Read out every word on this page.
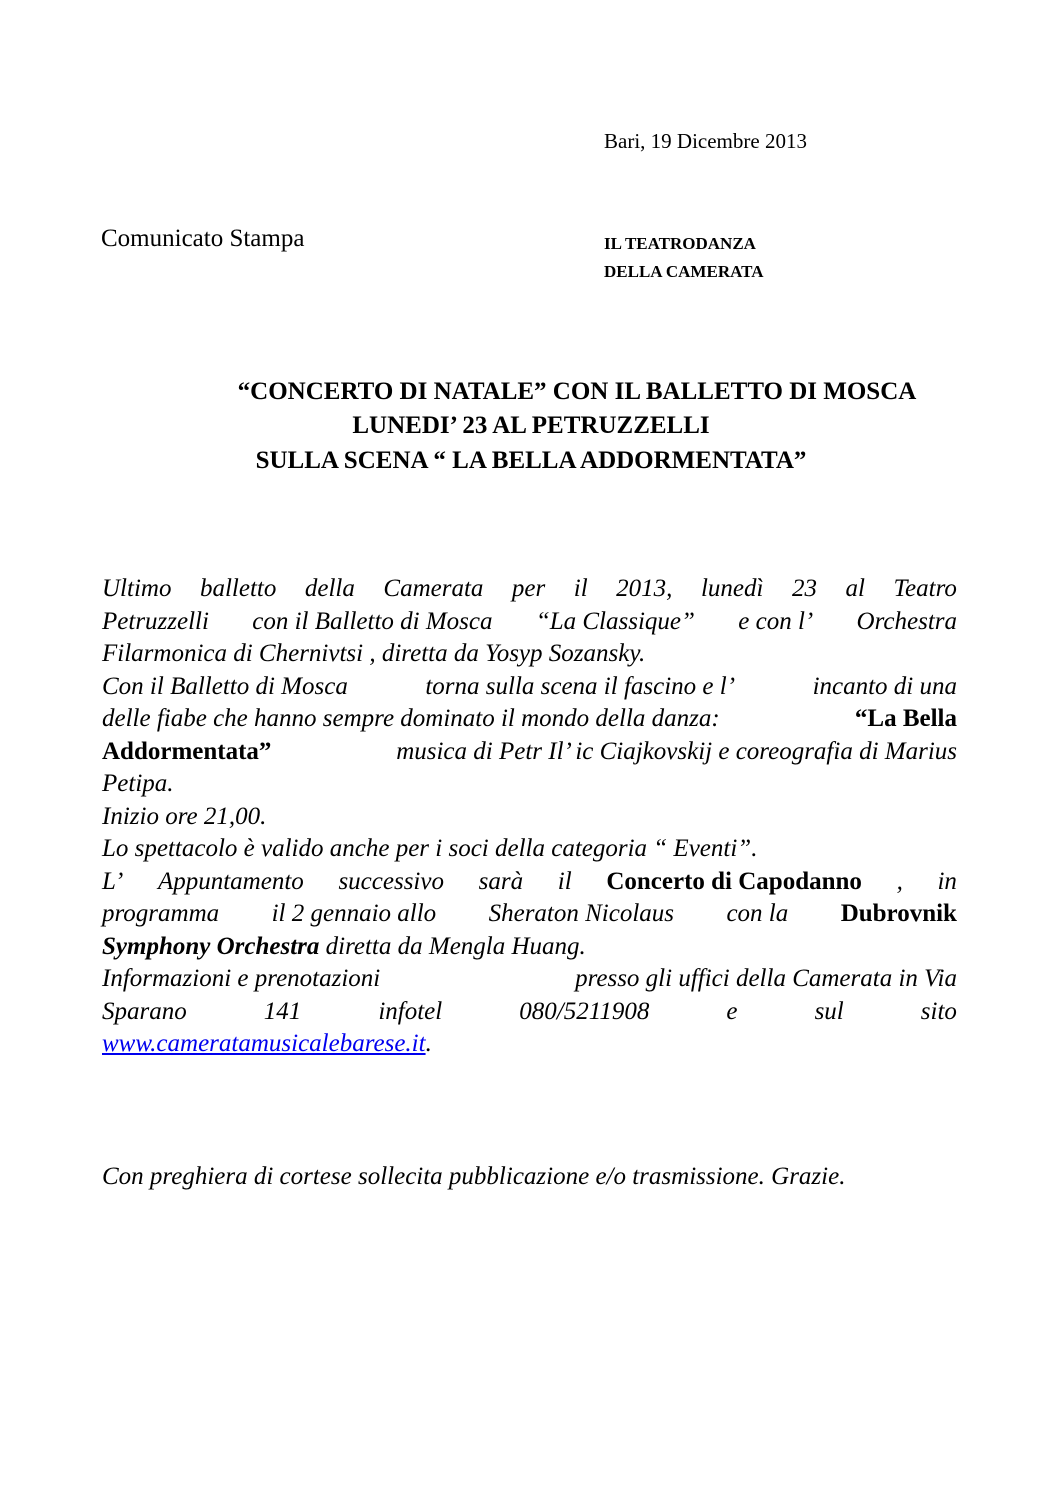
Bari, 19 Dicembre 2013
Comunicato Stampa	IL TEATRODANZA
DELLA CAMERATA
“CONCERTO DI NATALE” CON IL BALLETTO DI MOSCA
LUNEDI’ 23 AL PETRUZZELLI
SULLA SCENA “ LA BELLA ADDORMENTATA”
Ultimo balletto della Camerata per il 2013, lunedì 23 al Teatro
Petruzzelli con il Balletto di Mosca “La Classique” e con l’ Orchestra
Filarmonica di Chernivtsi , diretta da Yosyp Sozansky.
Con il Balletto di Mosca	torna sulla scena il fascino e l’	incanto di una
delle fiabe che hanno sempre dominato il mondo della danza:	“La Bella
Addormentata”	musica di Petr Il’ ic Ciajkovskij e coreografia di Marius
Petipa.
Inizio ore 21,00.
Lo spettacolo è valido anche per i soci della categoria “ Eventi”.
L’ Appuntamento successivo sarà il Concerto di Capodanno , in
programma il 2 gennaio allo Sheraton Nicolaus con la Dubrovnik
Symphony Orchestra diretta da Mengla Huang.
Informazioni e prenotazioni	presso gli uffici della Camerata in Via
Sparano	141	infotel	080/5211908	e	sul	sito
www.cameratamusicalebarese.it.
Con preghiera di cortese sollecita pubblicazione e/o trasmissione. Grazie.
